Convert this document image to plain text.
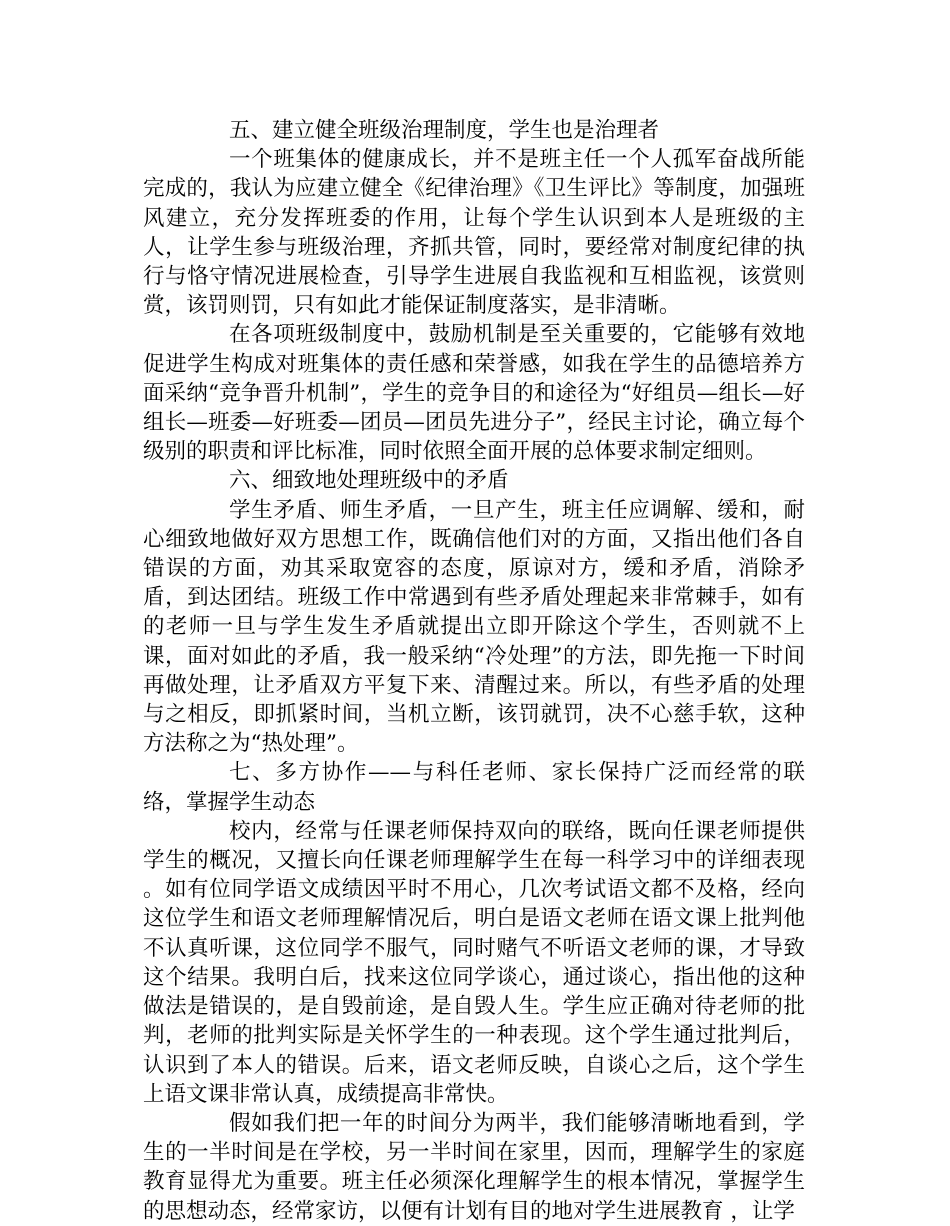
五、建立健全班级治理制度，学生也是治理者

一个班集体的健康成长，并不是班主任一个人孤军奋战所能完成的，我认为应建立健全《纪律治理》《卫生评比》等制度，加强班风建立，充分发挥班委的作用，让每个学生认识到本人是班级的主人，让学生参与班级治理，齐抓共管，同时，要经常对制度纪律的执行与恪守情况进展检查，引导学生进展自我监视和互相监视，该赏则赏，该罚则罚，只有如此才能保证制度落实，是非清晰。

在各项班级制度中，鼓励机制是至关重要的，它能够有效地促进学生构成对班集体的责任感和荣誉感，如我在学生的品德培养方面采纳“竞争晋升机制”，学生的竞争目的和途径为“好组员—组长—好组长—班委—好班委—团员—团员先进分子”，经民主讨论，确立每个级别的职责和评比标准，同时依照全面开展的总体要求制定细则。

六、细致地处理班级中的矛盾

学生矛盾、师生矛盾，一旦产生，班主任应调解、缓和，耐心细致地做好双方思想工作，既确信他们对的方面，又指出他们各自错误的方面，劝其采取宽容的态度，原谅对方，缓和矛盾，消除矛盾，到达团结。班级工作中常遇到有些矛盾处理起来非常棘手，如有的老师一旦与学生发生矛盾就提出立即开除这个学生，否则就不上课，面对如此的矛盾，我一般采纳“冷处理”的方法，即先拖一下时间再做处理，让矛盾双方平复下来、清醒过来。所以，有些矛盾的处理与之相反，即抓紧时间，当机立断，该罚就罚，决不心慈手软，这种方法称之为“热处理”。

七、多方协作——与科任老师、家长保持广泛而经常的联络，掌握学生动态

校内，经常与任课老师保持双向的联络，既向任课老师提供学生的概况，又擅长向任课老师理解学生在每一科学习中的详细表现 。如有位同学语文成绩因平时不用心，几次考试语文都不及格，经向这位学生和语文老师理解情况后，明白是语文老师在语文课上批判他不认真听课，这位同学不服气，同时赌气不听语文老师的课，才导致这个结果。我明白后，找来这位同学谈心，通过谈心，指出他的这种做法是错误的，是自毁前途，是自毁人生。学生应正确对待老师的批判，老师的批判实际是关怀学生的一种表现。这个学生通过批判后，认识到了本人的错误。后来，语文老师反映，自谈心之后，这个学生上语文课非常认真，成绩提高非常快。

假如我们把一年的时间分为两半，我们能够清晰地看到，学生的一半时间是在学校，另一半时间在家里，因而，理解学生的家庭教育显得尤为重要。班主任必须深化理解学生的根本情况，掌握学生的思想动态，经常家访，以便有计划有目的地对学生进展教育 ，让学
